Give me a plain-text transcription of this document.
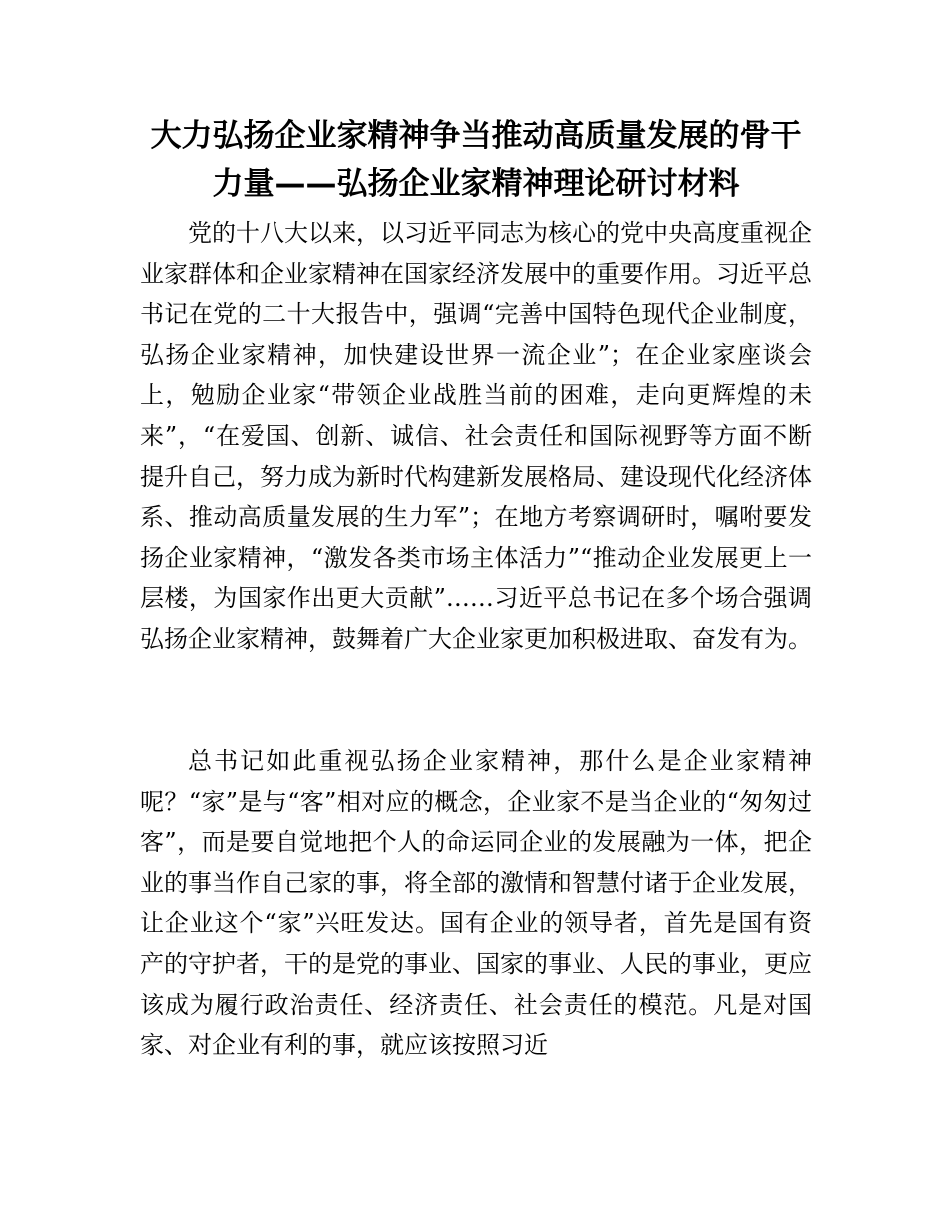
大力弘扬企业家精神争当推动高质量发展的骨干力量——弘扬企业家精神理论研讨材料

党的十八大以来，以习近平同志为核心的党中央高度重视企业家群体和企业家精神在国家经济发展中的重要作用。习近平总书记在党的二十大报告中，强调“完善中国特色现代企业制度，弘扬企业家精神，加快建设世界一流企业”；在企业家座谈会上，勉励企业家“带领企业战胜当前的困难，走向更辉煌的未来”，“在爱国、创新、诚信、社会责任和国际视野等方面不断提升自己，努力成为新时代构建新发展格局、建设现代化经济体系、推动高质量发展的生力军”；在地方考察调研时，嘱咐要发扬企业家精神，“激发各类市场主体活力”“推动企业发展更上一层楼，为国家作出更大贡献”……习近平总书记在多个场合强调弘扬企业家精神，鼓舞着广大企业家更加积极进取、奋发有为。

总书记如此重视弘扬企业家精神，那什么是企业家精神呢？“家”是与“客”相对应的概念，企业家不是当企业的“匆匆过客”，而是要自觉地把个人的命运同企业的发展融为一体，把企业的事当作自己家的事，将全部的激情和智慧付诸于企业发展，让企业这个“家”兴旺发达。国有企业的领导者，首先是国有资产的守护者，干的是党的事业、国家的事业、人民的事业，更应该成为履行政治责任、经济责任、社会责任的模范。凡是对国家、对企业有利的事，就应该按照习近
